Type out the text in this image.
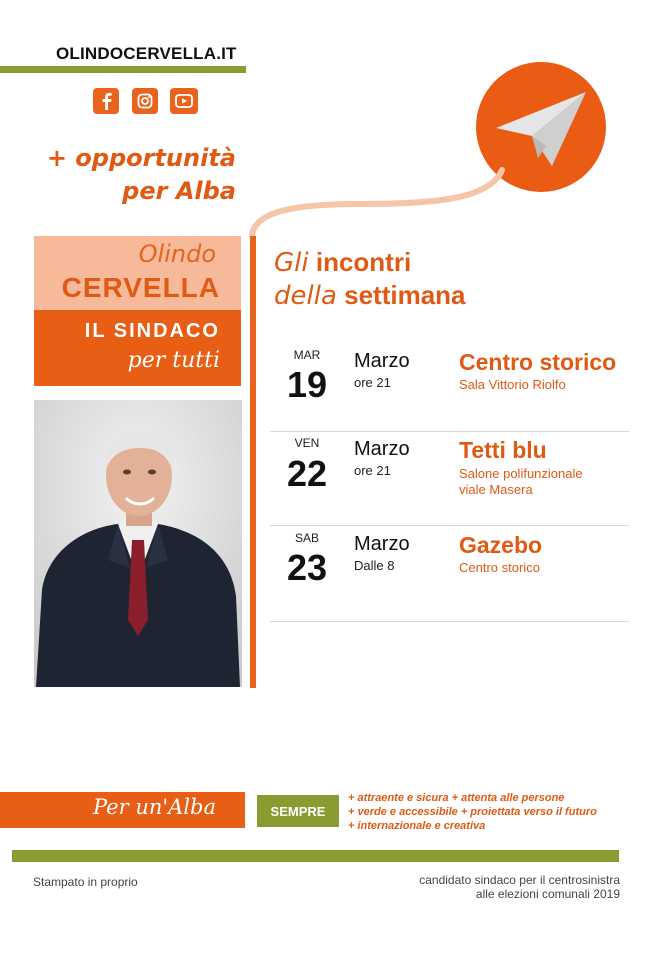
OLINDOCERVELLA.IT
+ opportunità
per Alba
Olindo
CERVELLA
IL SINDACO
per tutti
Gli incontri
della settimana
MAR
19
Marzo
ore 21
Centro storico
Sala Vittorio Riolfo
VEN
22
Marzo
ore 21
Tetti blu
Salone polifunzionale
viale Masera
SAB
23
Marzo
Dalle 8
Gazebo
Centro storico
Per un'Alba	SEMPRE
+ attraente e sicura + attenta alle persone
+ verde e accessibile + proiettata verso il futuro
+ internazionale e creativa
Stampato in proprio	candidato sindaco per il centrosinistra
alle elezioni comunali 2019
